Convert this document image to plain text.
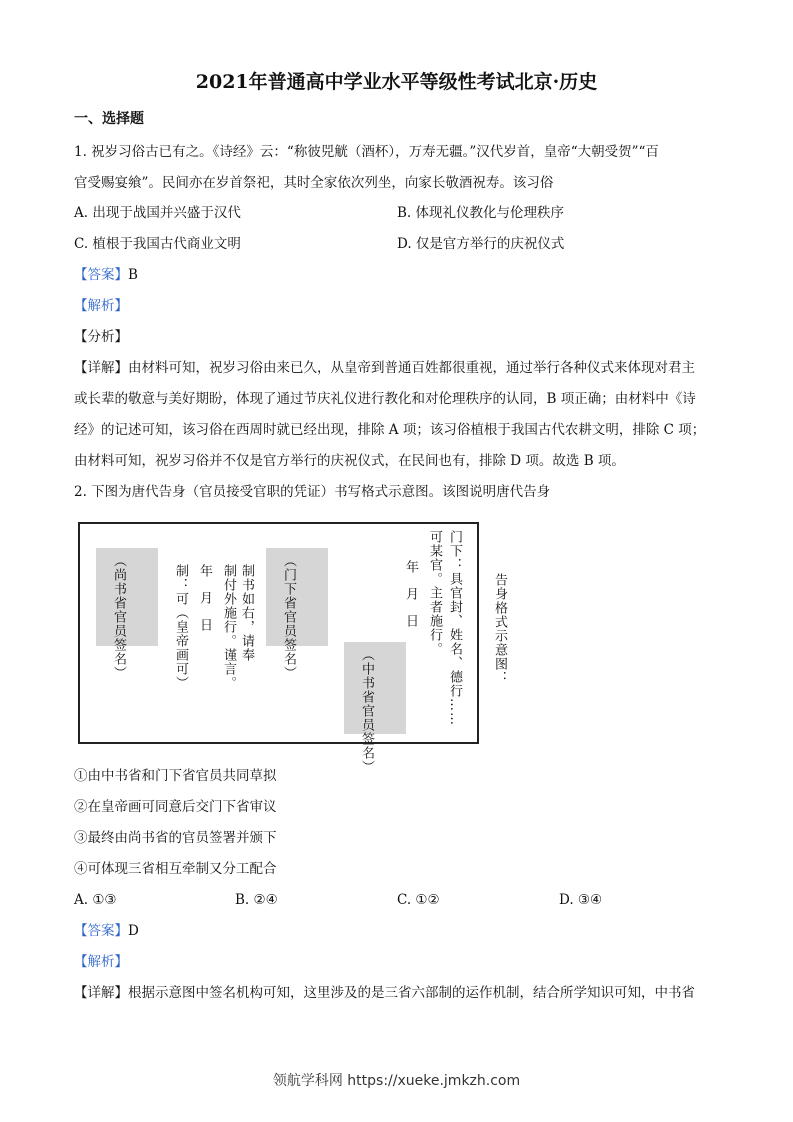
2021年普通高中学业水平等级性考试北京·历史
一、选择题
1. 祝岁习俗古已有之。《诗经》云：“称彼兕觥（酒杯），万寿无疆。”汉代岁首，皇帝“大朝受贺”“百
官受赐宴飨”。民间亦在岁首祭祀，其时全家依次列坐，向家长敬酒祝寿。该习俗
A. 出现于战国并兴盛于汉代	B. 体现礼仪教化与伦理秩序
C. 植根于我国古代商业文明	D. 仅是官方举行的庆祝仪式
【答案】B
【解析】
【分析】
【详解】由材料可知，祝岁习俗由来已久，从皇帝到普通百姓都很重视，通过举行各种仪式来体现对君主
或长辈的敬意与美好期盼，体现了通过节庆礼仪进行教化和对伦理秩序的认同，B 项正确；由材料中《诗
经》的记述可知，该习俗在西周时就已经出现，排除 A 项；该习俗植根于我国古代农耕文明，排除 C 项；
由材料可知，祝岁习俗并不仅是官方举行的庆祝仪式，在民间也有，排除 D 项。故选 B 项。
2. 下图为唐代告身（官员接受官职的凭证）书写格式示意图。该图说明唐代告身
（尚书省官员签名）	制：可（皇帝画可） 年 月 日 制付外施行。谨言。 制书如右，请奉 （门下省官员签名）
（中书省官员签名）
年 月 日 可某官。主者施行。 门下：具官封、姓名、德行…… 告身格式示意图：
①由中书省和门下省官员共同草拟
②在皇帝画可同意后交门下省审议
③最终由尚书省的官员签署并颁下
④可体现三省相互牵制又分工配合
A. ①③	B. ②④	C. ①②	D. ③④
【答案】D
【解析】
【详解】根据示意图中签名机构可知，这里涉及的是三省六部制的运作机制，结合所学知识可知，中书省
领航学科网 https://xueke.jmkzh.com
